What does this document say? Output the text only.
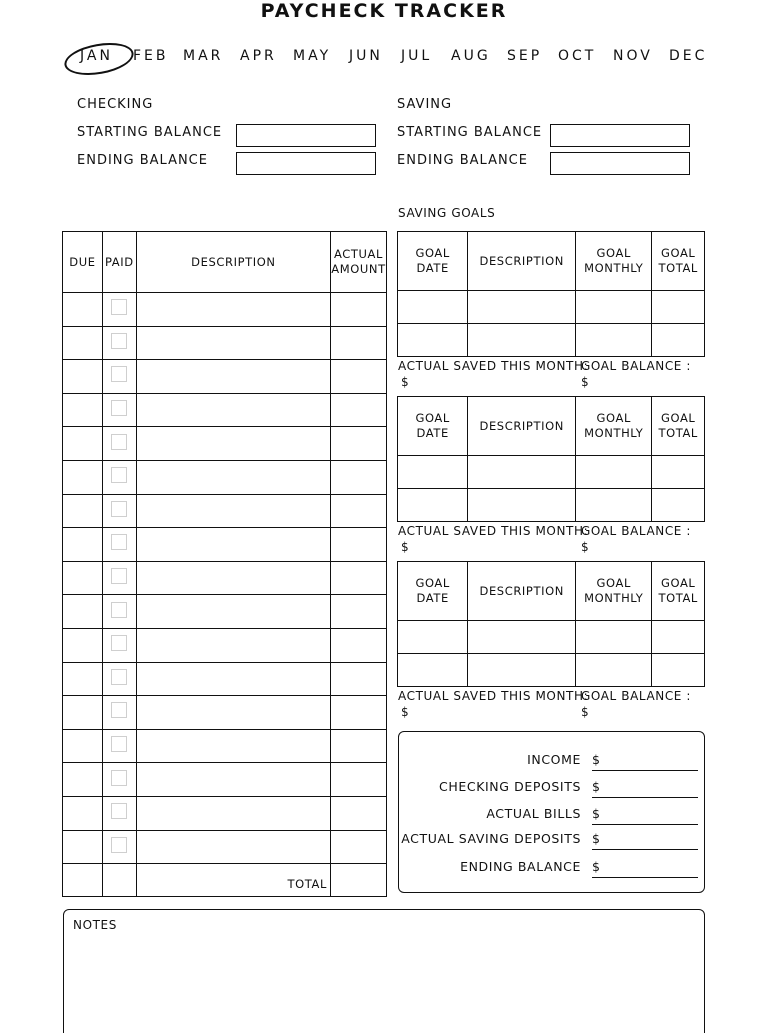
PAYCHECK TRACKER
JAN FEB MAR APR MAY JUN JUL AUG SEP OCT NOV DEC
CHECKING
STARTING BALANCE
ENDING BALANCE
SAVING
STARTING BALANCE
ENDING BALANCE
SAVING GOALS
DUE	PAID	DESCRIPTION	ACTUAL AMOUNT

		TOTAL	
GOAL DATE	DESCRIPTION	GOAL MONTHLY	GOAL TOTAL

ACTUAL SAVED THIS MONTH:
GOAL BALANCE :
$	$
GOAL DATE	DESCRIPTION	GOAL MONTHLY	GOAL TOTAL

ACTUAL SAVED THIS MONTH:
GOAL BALANCE :
$	$
GOAL DATE	DESCRIPTION	GOAL MONTHLY	GOAL TOTAL

ACTUAL SAVED THIS MONTH:
GOAL BALANCE :
$	$
INCOME $
CHECKING DEPOSITS $
ACTUAL BILLS $
ACTUAL SAVING DEPOSITS $
ENDING BALANCE $
NOTES
